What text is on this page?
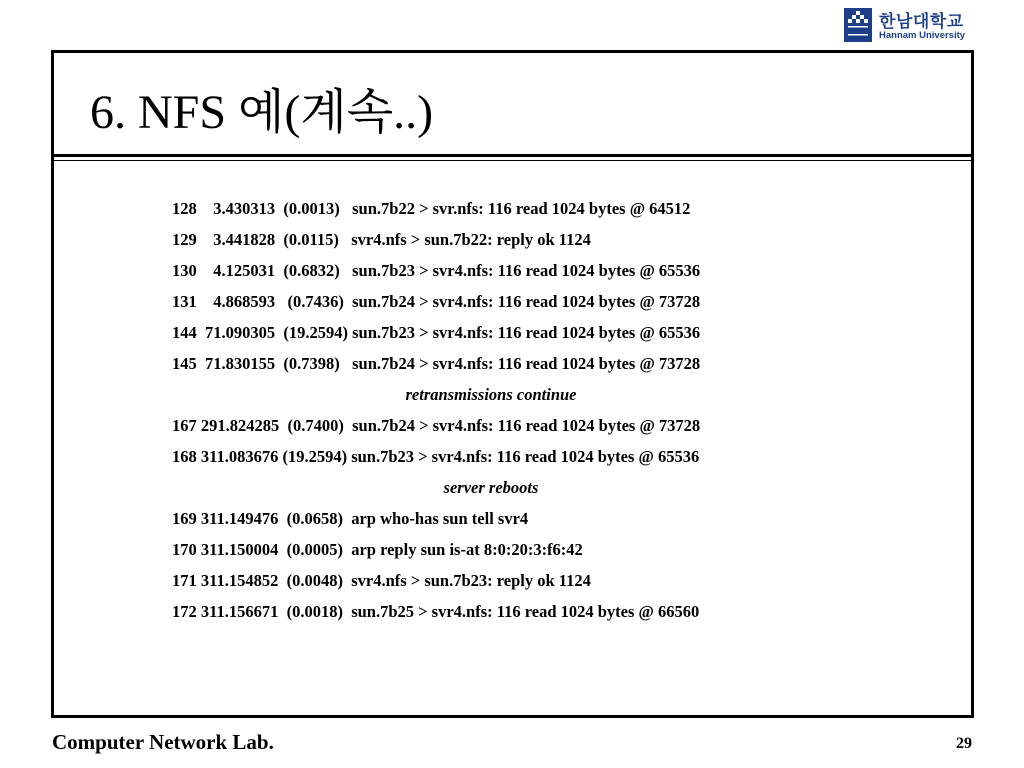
한남대학교
Hannam University
6. NFS 예(계속..)
128    3.430313  (0.0013)   sun.7b22 > svr.nfs: 116 read 1024 bytes @ 64512
129    3.441828  (0.0115)   svr4.nfs > sun.7b22: reply ok 1124
130    4.125031  (0.6832)   sun.7b23 > svr4.nfs: 116 read 1024 bytes @ 65536
131    4.868593   (0.7436)  sun.7b24 > svr4.nfs: 116 read 1024 bytes @ 73728
144  71.090305  (19.2594) sun.7b23 > svr4.nfs: 116 read 1024 bytes @ 65536
145  71.830155  (0.7398)   sun.7b24 > svr4.nfs: 116 read 1024 bytes @ 73728
retransmissions continue
167 291.824285  (0.7400)  sun.7b24 > svr4.nfs: 116 read 1024 bytes @ 73728
168 311.083676 (19.2594) sun.7b23 > svr4.nfs: 116 read 1024 bytes @ 65536
server reboots
169 311.149476  (0.0658)  arp who-has sun tell svr4
170 311.150004  (0.0005)  arp reply sun is-at 8:0:20:3:f6:42
171 311.154852  (0.0048)  svr4.nfs > sun.7b23: reply ok 1124
172 311.156671  (0.0018)  sun.7b25 > svr4.nfs: 116 read 1024 bytes @ 66560
Computer Network Lab.	29
